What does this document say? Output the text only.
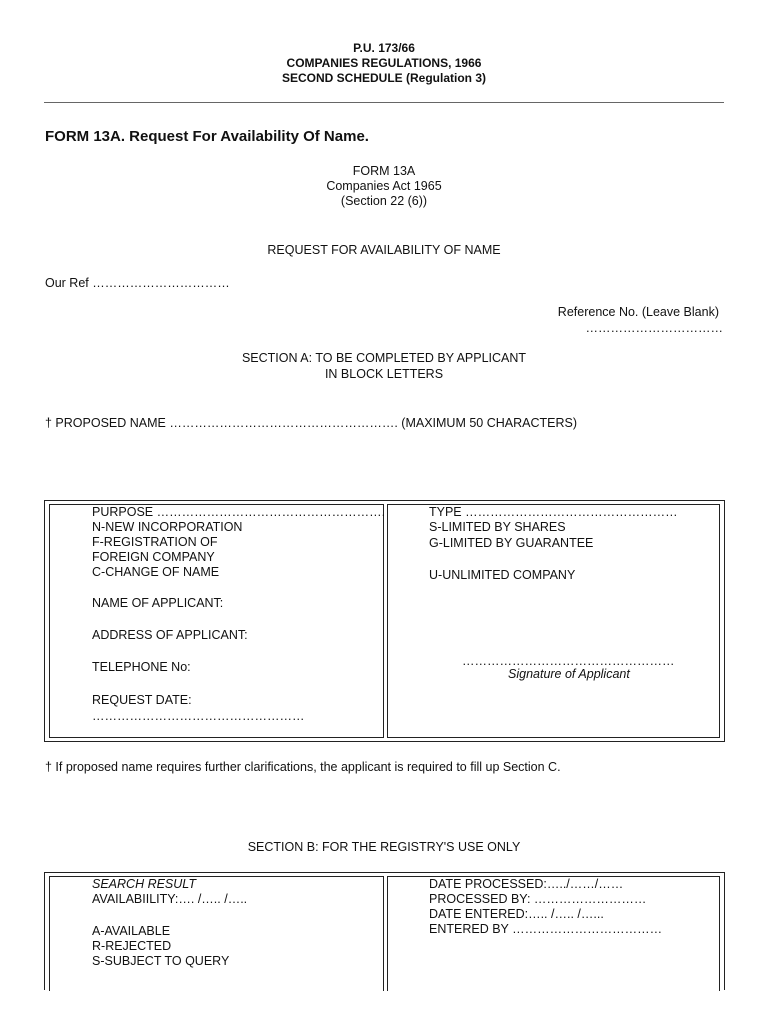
P.U. 173/66
COMPANIES REGULATIONS, 1966
SECOND SCHEDULE (Regulation 3)
FORM 13A. Request For Availability Of Name.
FORM 13A
Companies Act 1965
(Section 22 (6))
REQUEST FOR AVAILABILITY OF NAME
Our Ref ……………………………
Reference No. (Leave Blank)
……………………………
SECTION A: TO BE COMPLETED BY APPLICANT
IN BLOCK LETTERS
† PROPOSED NAME ………………………………………………. (MAXIMUM 50 CHARACTERS)
PURPOSE ……………………………………………….
N-NEW INCORPORATION
F-REGISTRATION OF
FOREIGN COMPANY
C-CHANGE OF NAME
NAME OF APPLICANT:
ADDRESS OF APPLICANT:
TELEPHONE No:
REQUEST DATE:
……………………………………………
TYPE ……………………………………………
S-LIMITED BY SHARES
G-LIMITED BY GUARANTEE
U-UNLIMITED COMPANY
……………………………………………
Signature of Applicant
† If proposed name requires further clarifications, the applicant is required to fill up Section C.
SECTION B: FOR THE REGISTRY'S USE ONLY
SEARCH RESULT
AVAILABIILITY:…. /….. /…..
A-AVAILABLE
R-REJECTED
S-SUBJECT TO QUERY
DATE PROCESSED:…../……/……
PROCESSED BY: ………………………
DATE ENTERED:….. /….. /…...
ENTERED BY ………………………………
